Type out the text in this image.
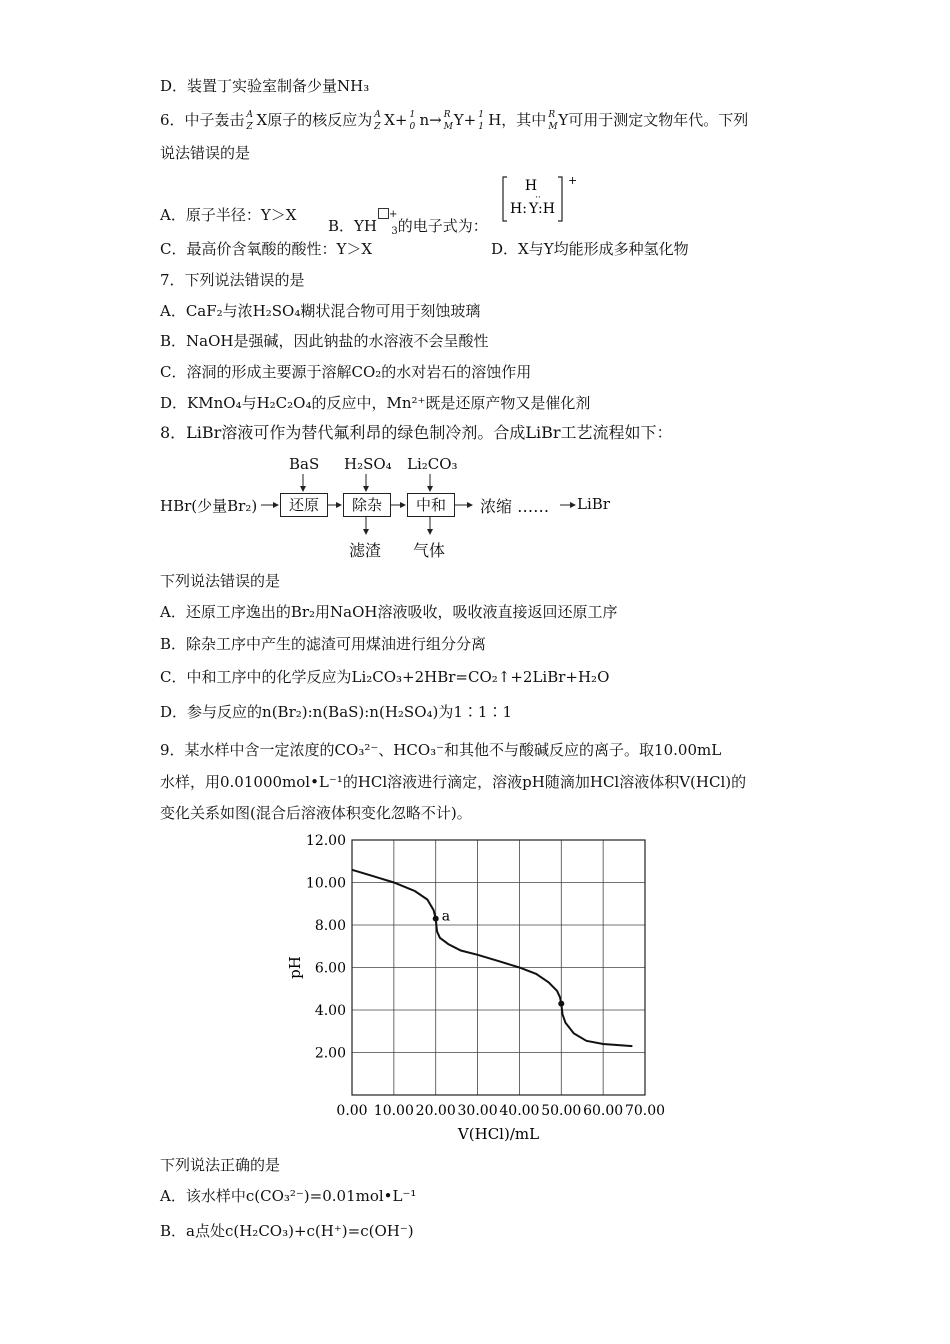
D．装置丁实验室制备少量NH₃
6．中子轰击 A
Z X原子的核反应为 A
Z X+ 1
0 n→ R
M Y+ 1
1 H，其中 R
M Y可用于测定文物年代。下列
说法错误的是
A．原子半径：Y＞X
B．$YH^+_3$的电子式为：
H
H: Y
··
:H
+
C．最高价含氧酸的酸性：Y＞X	D．X与Y均能形成多种氢化物
7．下列说法错误的是
A．CaF₂与浓H₂SO₄糊状混合物可用于刻蚀玻璃
B．NaOH是强碱，因此钠盐的水溶液不会呈酸性
C．溶洞的形成主要源于溶解CO₂的水对岩石的溶蚀作用
D．KMnO₄与H₂C₂O₄的反应中，Mn²⁺既是还原产物又是催化剂
8．LiBr溶液可作为替代氟利昂的绿色制冷剂。合成LiBr工艺流程如下：
HBr(少量Br₂)	还原	除杂	中和
BaS H₂SO₄ Li₂CO₃
滤渣 气体
浓缩 …… LiBr
下列说法错误的是
A．还原工序逸出的Br₂用NaOH溶液吸收，吸收液直接返回还原工序
B．除杂工序中产生的滤渣可用煤油进行组分分离
C．中和工序中的化学反应为Li₂CO₃+2HBr=CO₂↑+2LiBr+H₂O
D．参与反应的n(Br₂):n(BaS):n(H₂SO₄)为1∶1∶1
9．某水样中含一定浓度的CO₃²⁻、HCO₃⁻和其他不与酸碱反应的离子。取10.00mL
水样，用0.01000mol•L⁻¹的HCl溶液进行滴定，溶液pH随滴加HCl溶液体积V(HCl)的
变化关系如图(混合后溶液体积变化忽略不计)。
0.00 10.00 20.00 30.00 40.00 50.00 60.00 70.00
2.00
4.00
6.00
8.00
10.00
12.00
V(HCl)/mL
pH
a
下列说法正确的是
A．该水样中c(CO₃²⁻)=0.01mol•L⁻¹
B．a点处c(H₂CO₃)+c(H⁺)=c(OH⁻)
